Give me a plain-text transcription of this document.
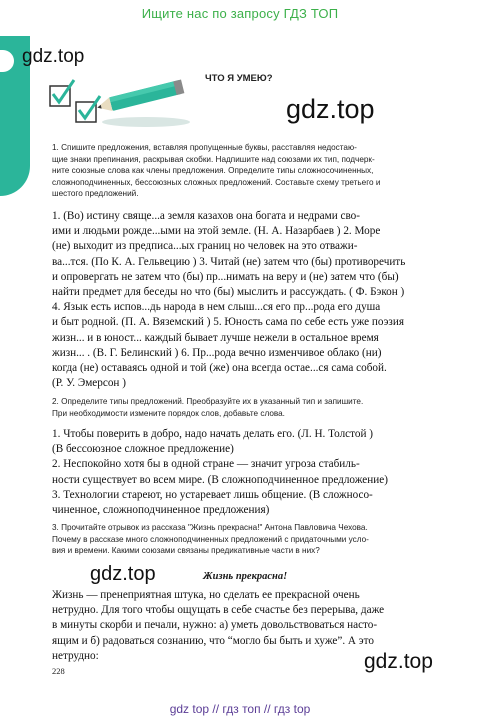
Ищите нас по запросу ГДЗ ТОП
gdz.top
ЧТО Я УМЕЮ?
gdz.top
1. Спишите предложения, вставляя пропущенные буквы, расставляя недостаю-
щие знаки препинания, раскрывая скобки. Надпишите над союзами их тип, подчерк-
ните союзные слова как члены предложения. Определите типы сложносочиненных,
сложноподчиненных, бессоюзных сложных предложений. Составьте схему третьего и
шестого предложений.
1. (Во) истину свяще...а земля казахов она богата и недрами сво-
ими и людьми рожде...ыми на этой земле. (Н. А. Назарбаев ) 2. Море
(не) выходит из предписа...ых границ но человек на это отважи-
ва...тся. (По К. А. Гельвецию ) 3. Читай (не) затем что (бы) противоречить
и опровергать не затем что (бы) пр...нимать на веру и (не) затем что (бы)
найти предмет для беседы но что (бы) мыслить и рассуждать. ( Ф. Бэкон )
4. Язык есть испов...дь народа в нем слыш...ся его пр...рода его душа
и быт родной. (П. А. Вяземский ) 5. Юность сама по себе есть уже поэзия
жизн... и в юност... каждый бывает лучше нежели в остальное время
жизн... . (В. Г. Белинский ) 6. Пр...рода вечно изменчивое облако (ни)
когда (не) оставаясь одной и той (же) она всегда остае...ся сама собой.
(Р. У. Эмерсон )
2. Определите типы предложений. Преобразуйте их в указанный тип и запишите.
При необходимости измените порядок слов, добавьте слова.
1. Чтобы поверить в добро, надо начать делать его. (Л. Н. Толстой )
(В бессоюзное сложное предложение)
2. Неспокойно хотя бы в одной стране — значит угроза стабиль-
ности существует во всем мире. (В сложноподчиненное предложение)
3. Технологии стареют, но устаревает лишь общение. (В сложносо-
чиненное, сложноподчиненное предложения)
3. Прочитайте отрывок из рассказа "Жизнь прекрасна!" Антона Павловича Чехова.
Почему в рассказе много сложноподчиненных предложений с придаточными усло-
вия и времени. Какими союзами связаны предикативные части в них?
gdz.top	Жизнь прекрасна!
Жизнь — пренеприятная штука, но сделать ее прекрасной очень
нетрудно. Для того чтобы ощущать в себе счастье без перерыва, даже
в минуты скорби и печали, нужно: а) уметь довольствоваться насто-
ящим и б) радоваться сознанию, что “могло бы быть и хуже”. А это
нетрудно:	gdz.top
228
gdz top // гдз топ // гдз top
